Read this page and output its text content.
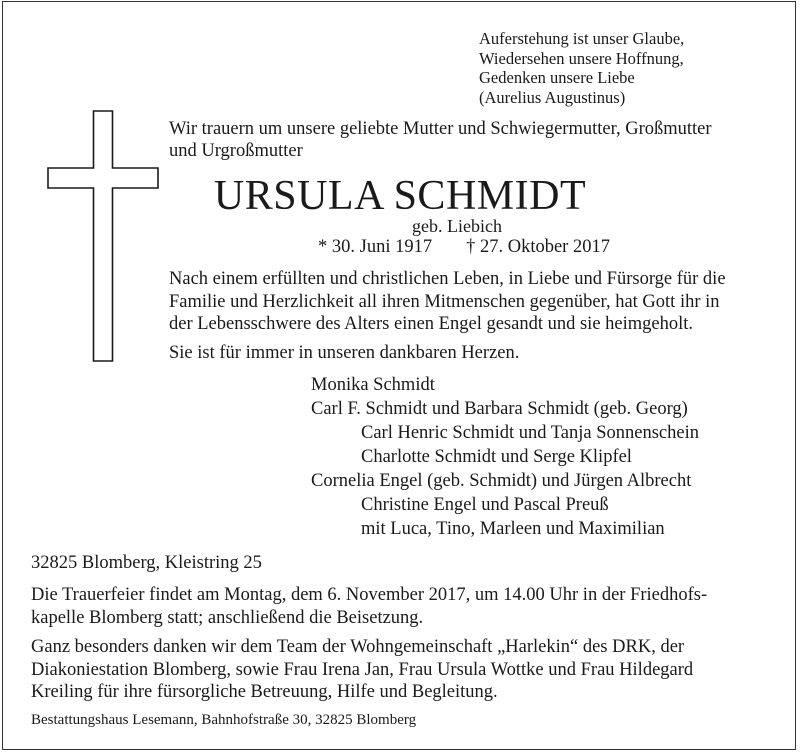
Auferstehung ist unser Glaube,
Wiedersehen unsere Hoffnung,
Gedenken unsere Liebe
(Aurelius Augustinus)
Wir trauern um unsere geliebte Mutter und Schwiegermutter, Großmutter
und Urgroßmutter
URSULA SCHMIDT
geb. Liebich
* 30. Juni 1917 † 27. Oktober 2017
Nach einem erfüllten und christlichen Leben, in Liebe und Fürsorge für die
Familie und Herzlichkeit all ihren Mitmenschen gegenüber, hat Gott ihr in
der Lebensschwere des Alters einen Engel gesandt und sie heimgeholt.
Sie ist für immer in unseren dankbaren Herzen.
Monika Schmidt
Carl F. Schmidt und Barbara Schmidt (geb. Georg)
Carl Henric Schmidt und Tanja Sonnenschein
Charlotte Schmidt und Serge Klipfel
Cornelia Engel (geb. Schmidt) und Jürgen Albrecht
Christine Engel und Pascal Preuß
mit Luca, Tino, Marleen und Maximilian
32825 Blomberg, Kleistring 25
Die Trauerfeier findet am Montag, dem 6. November 2017, um 14.00 Uhr in der Friedhofs-
kapelle Blomberg statt; anschließend die Beisetzung.
Ganz besonders danken wir dem Team der Wohngemeinschaft „Harlekin“ des DRK, der
Diakoniestation Blomberg, sowie Frau Irena Jan, Frau Ursula Wottke und Frau Hildegard
Kreiling für ihre fürsorgliche Betreuung, Hilfe und Begleitung.
Bestattungshaus Lesemann, Bahnhofstraße 30, 32825 Blomberg
